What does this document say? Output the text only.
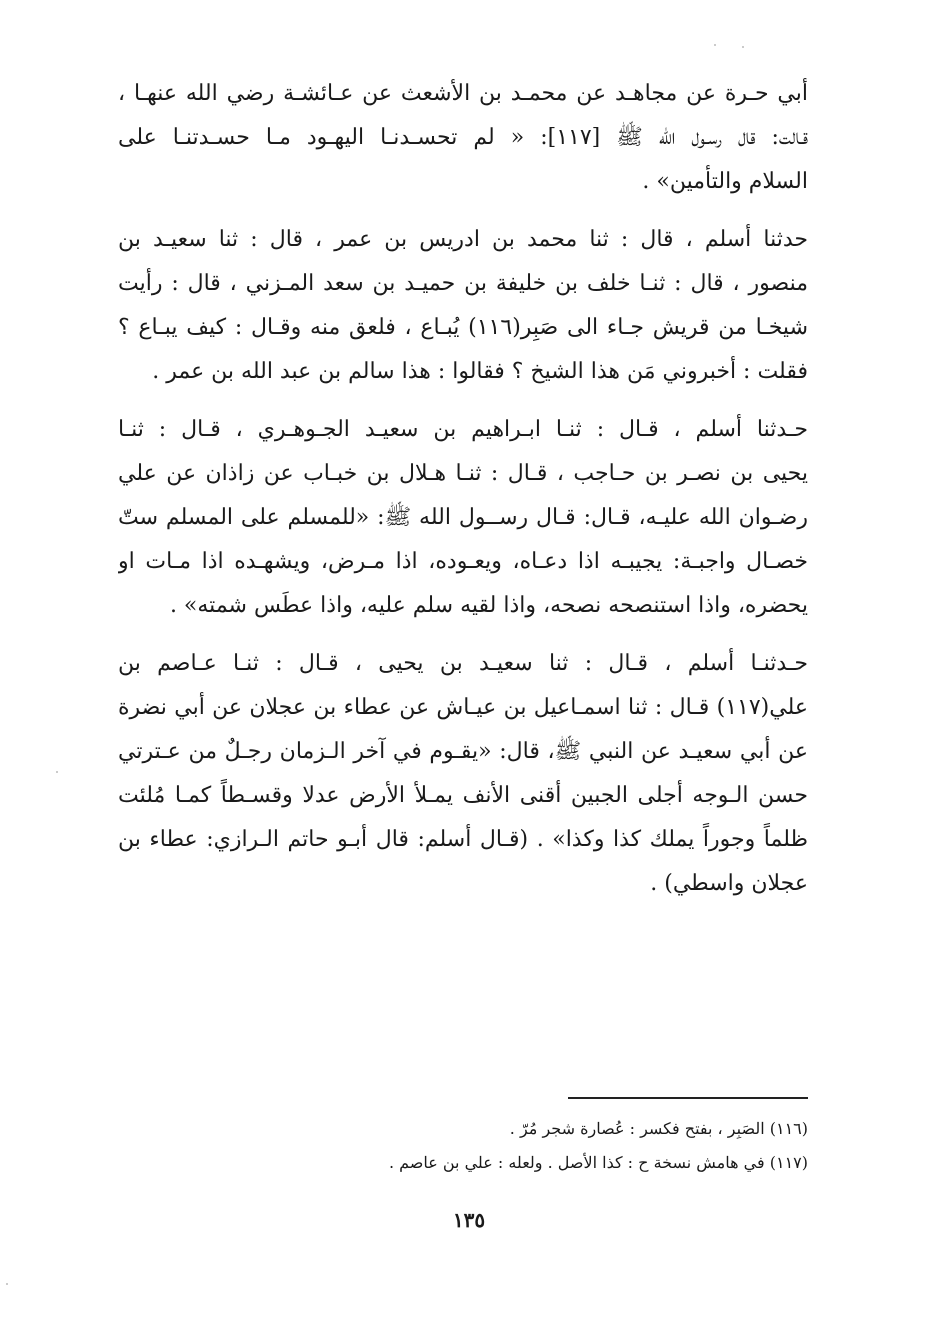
أبي حـرة عن مجاهـد عن محمـد بن الأشعث عن عـائشـة رضي الله عنهـا ،
قـالت: قال رسـول الله ﷺ [١١٧]: « لم تحسـدنـا اليهـود مـا حسـدتنـا على
السلام والتأمين» .
حدثنا أسلم ، قال : ثنا محمد بن ادريس بن عمر ، قال : ثنا سعيـد بن
منصور ، قال : ثنـا خلف بن خليفة بن حميـد بن سعد المـزني ، قال : رأيت
شيخـا من قريش جـاء الى صَبِر(١١٦) يُبـاع ، فلعق منه وقـال : كيف يبـاع ؟
فقلت : أخبروني مَن هذا الشيخ ؟ فقالوا : هذا سالم بن عبد الله بن عمر .
حـدثنا أسلم ، قـال : ثنـا ابـراهيم بن سعيـد الجـوهـري ، قـال : ثنـا
يحيى بن نصـر بن حـاجب ، قـال : ثنـا هـلال بن خبـاب عن زاذان عن علي
رضـوان الله عليـه، قـال: قـال رســول الله ﷺ: «للمسلم على المسلم ستّ
خصـال واجبـة: يجيبـه اذا دعـاه، ويعـوده، اذا مـرض، ويشهـده اذا مـات او
يحضره، واذا استنصحه نصحه، واذا لقيه سلم عليه، واذا عطَس شمته» .
حـدثنـا أسلم ، قـال : ثنا سعيـد بن يحيى ، قـال : ثنـا عـاصم بن
علي(١١٧) قـال : ثنا اسمـاعيل بن عيـاش عن عطاء بن عجلان عن أبي نضرة
عن أبي سعيـد عن النبي ﷺ، قال: «يقـوم في آخر الـزمان رجـلٌ من عـترتي
حسن الـوجه أجلى الجبين أقنى الأنف يمـلأ الأرض عدلا وقسـطاً كمـا مُلئت
ظلماً وجوراً يملك كذا وكذا» . (قـال أسلم: قال أبـو حاتم الـرازي: عطاء بن
عجلان واسطي) .
(١١٦) الصَبِر ، بفتح فكسر : عُصارة شجر مُرّ .
(١١٧) في هامش نسخة ح : كذا الأصل . ولعله : علي بن عاصم .
١٣٥
